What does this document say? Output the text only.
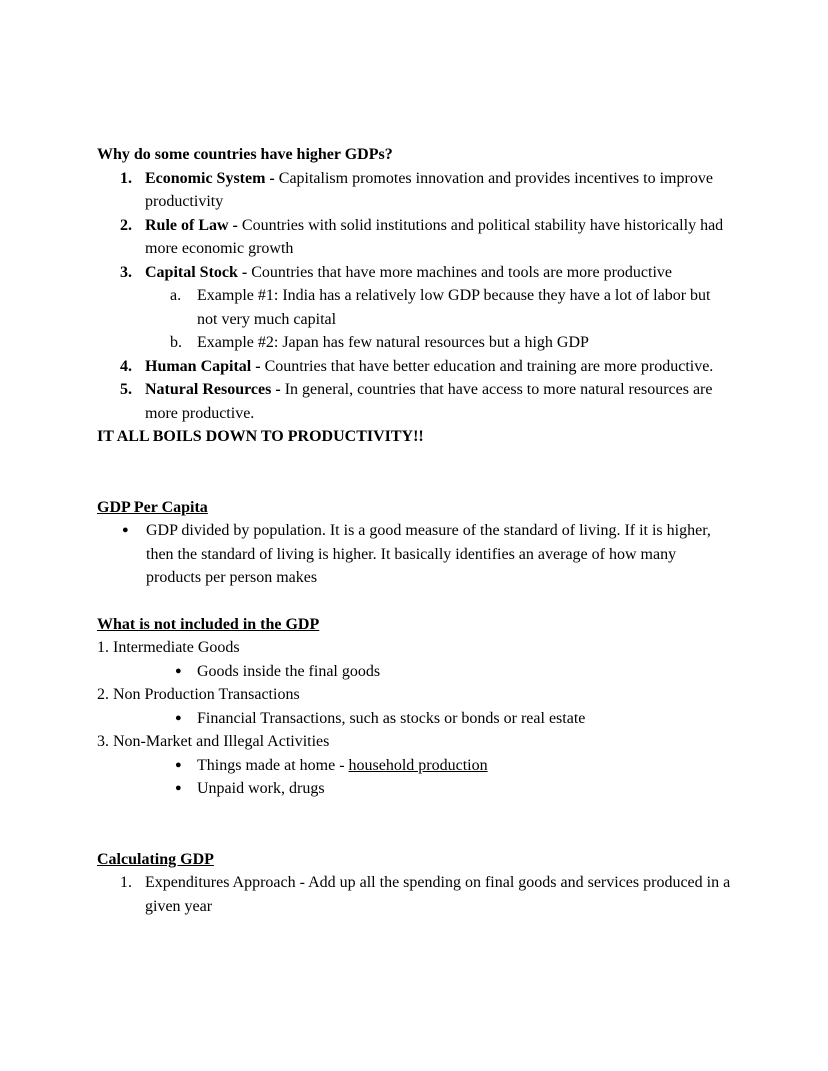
Why do some countries have higher GDPs?
1. Economic System - Capitalism promotes innovation and provides incentives to improve productivity
2. Rule of Law - Countries with solid institutions and political stability have historically had more economic growth
3. Capital Stock - Countries that have more machines and tools are more productive
a. Example #1: India has a relatively low GDP because they have a lot of labor but not very much capital
b. Example #2: Japan has few natural resources but a high GDP
4. Human Capital - Countries that have better education and training are more productive.
5. Natural Resources - In general, countries that have access to more natural resources are more productive.
IT ALL BOILS DOWN TO PRODUCTIVITY!!
GDP Per Capita
●	GDP divided by population. It is a good measure of the standard of living. If it is higher, then the standard of living is higher. It basically identifies an average of how many products per person makes
What is not included in the GDP
1. Intermediate Goods
● Goods inside the final goods
2. Non Production Transactions
● Financial Transactions, such as stocks or bonds or real estate
3. Non-Market and Illegal Activities
● Things made at home - household production
● Unpaid work, drugs
Calculating GDP
1. Expenditures Approach - Add up all the spending on final goods and services produced in a given year
